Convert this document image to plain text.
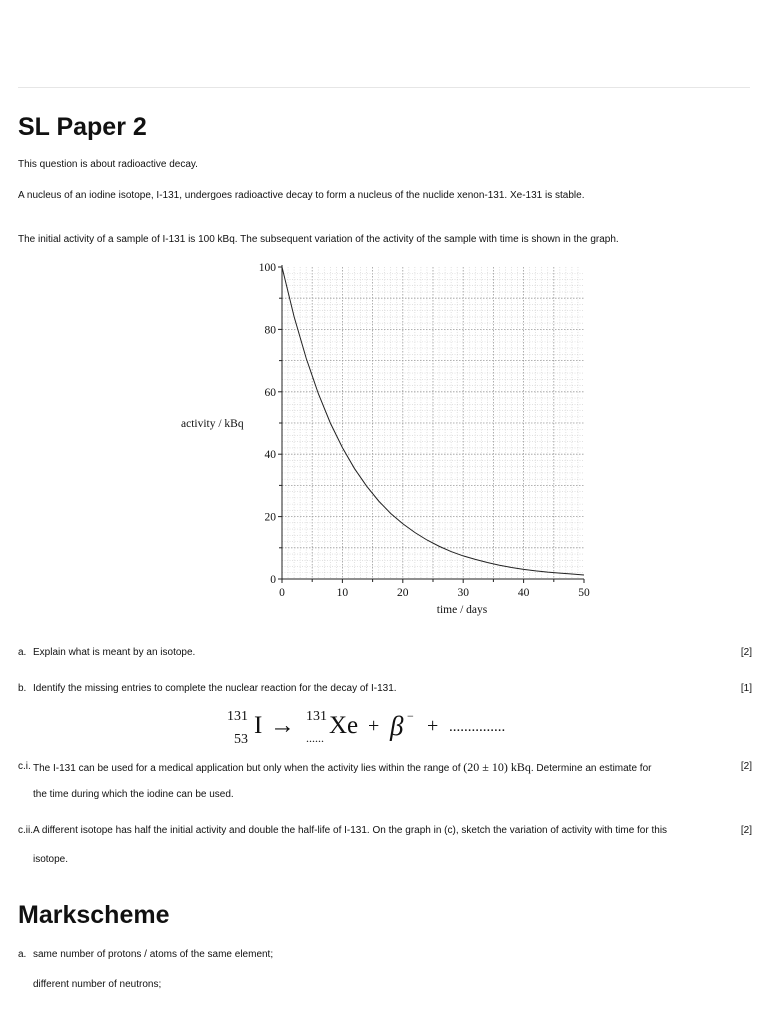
SL Paper 2
This question is about radioactive decay.
A nucleus of an iodine isotope, I-131, undergoes radioactive decay to form a nucleus of the nuclide xenon-131. Xe-131 is stable.
The initial activity of a sample of I-131 is 100 kBq. The subsequent variation of the activity of the sample with time is shown in the graph.
0	10	20	30	40	50
0
20
40
60
80
100
activity / kBq
time / days
a. Explain what is meant by an isotope.	[2]
b. Identify the missing entries to complete the nuclear reaction for the decay of I-131.	[1]
131
53
I → 131
...... Xe + β − + ...............
c.i. The I-131 can be used for a medical application but only when the activity lies within the range of (20 ± 10) kBq. Determine an estimate for	[2]
the time during which the iodine can be used.
c.ii. A different isotope has half the initial activity and double the half-life of I-131. On the graph in (c), sketch the variation of activity with time for this	[2]
isotope.
Markscheme
a. same number of protons / atoms of the same element;
different number of neutrons;
